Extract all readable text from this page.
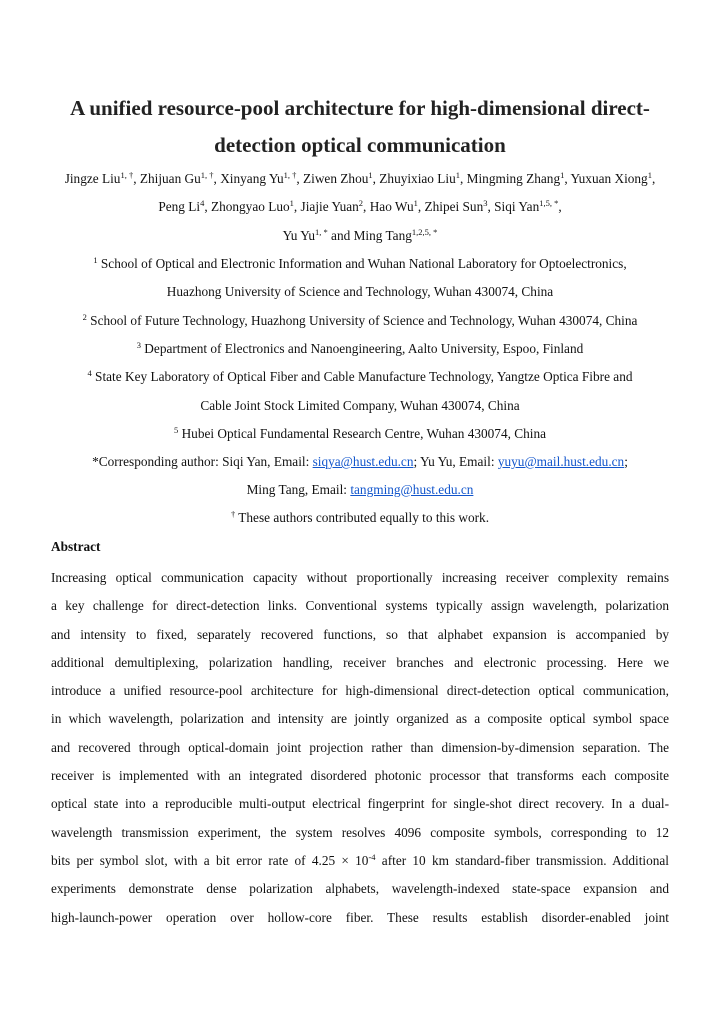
A unified resource-pool architecture for high-dimensional direct-
detection optical communication
Jingze Liu$^{1, \dagger}$, Zhijuan $Gu^{1, \dagger}$, Xinyang $Yu^{1, \dagger}$, Ziwen Zhou$^1$, Zhuyixiao Liu$^1$, Mingming Zhang$^1$, Yuxuan Xiong$^1$,
Peng Li$^4$, Zhongyao Luo$^1$, Jiajie Yuan$^2$, Hao Wu$^1$, Zhipei Sun$^3$, Siqi Yan$^{1,5, *}$,
Yu $Yu^{1, *}$ and Ming Tang$^{1,2,5, *}$
$^1$ School of Optical and Electronic Information and Wuhan National Laboratory for Optoelectronics,
Huazhong University of Science and Technology, Wuhan 430074, China
$^2$ School of Future Technology, Huazhong University of Science and Technology, Wuhan 430074, China
$^3$ Department of Electronics and Nanoengineering, Aalto University, Espoo, Finland
$^4$ State Key Laboratory of Optical Fiber and Cable Manufacture Technology, Yangtze Optica Fibre and
Cable Joint Stock Limited Company, Wuhan 430074, China
$^5$ Hubei Optical Fundamental Research Centre, Wuhan 430074, China
*Corresponding author: Siqi Yan, Email: siqya@hust.edu.cn; Yu Yu, Email: yuyu@mail.hust.edu.cn;
Ming Tang, Email: tangming@hust.edu.cn
† These authors contributed equally to this work.
Abstract
Increasing optical communication capacity without proportionally increasing receiver complexity remains
a key challenge for direct-detection links. Conventional systems typically assign wavelength, polarization
and intensity to fixed, separately recovered functions, so that alphabet expansion is accompanied by
additional demultiplexing, polarization handling, receiver branches and electronic processing. Here we
introduce a unified resource-pool architecture for high-dimensional direct-detection optical communication,
in which wavelength, polarization and intensity are jointly organized as a composite optical symbol space
and recovered through optical-domain joint projection rather than dimension-by-dimension separation. The
receiver is implemented with an integrated disordered photonic processor that transforms each composite
optical state into a reproducible multi-output electrical fingerprint for single-shot direct recovery. In a dual-
wavelength transmission experiment, the system resolves 4096 composite symbols, corresponding to 12
bits per symbol slot, with a bit error rate of $4.25 \times 10^{-4}$ after 10 km standard-fiber transmission. Additional
experiments demonstrate dense polarization alphabets, wavelength-indexed state-space expansion and
high-launch-power operation over hollow-core fiber. These results establish disorder-enabled joint
